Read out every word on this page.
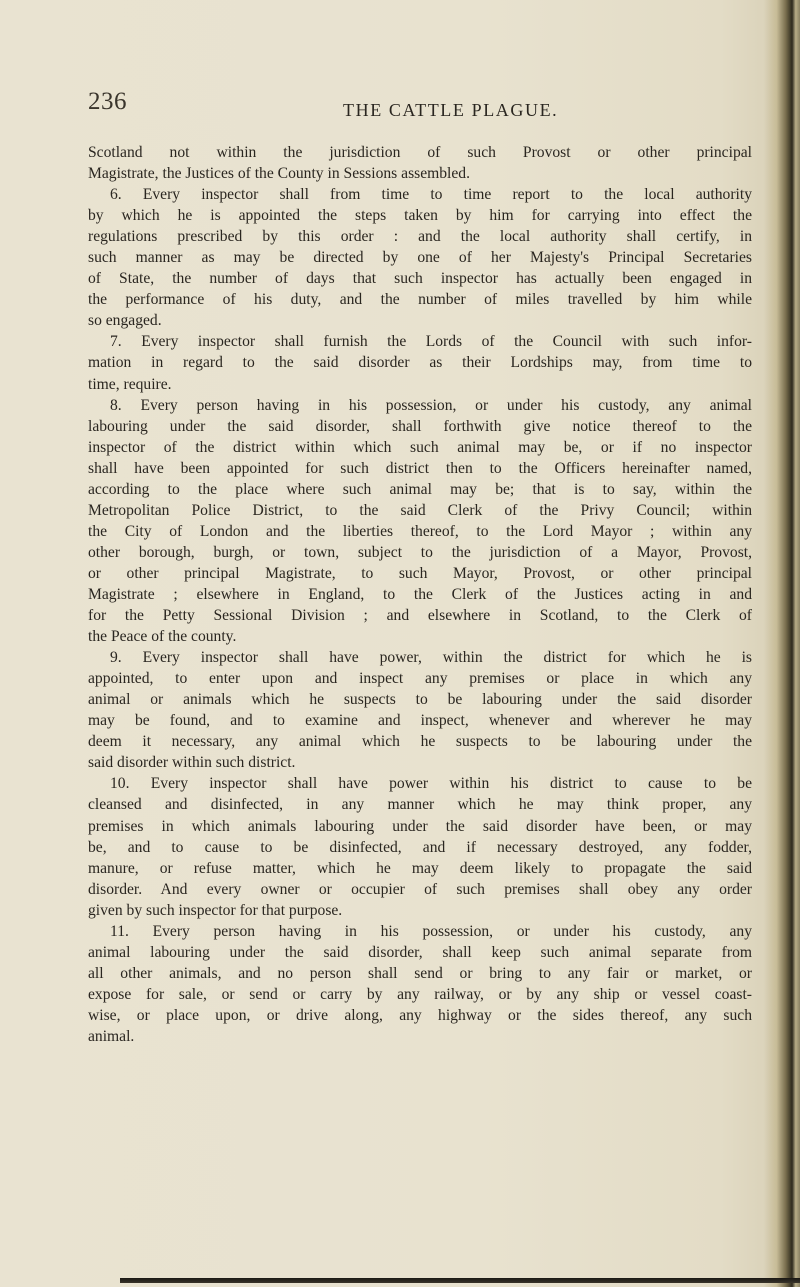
236	THE CATTLE PLAGUE.
Scotland not within the jurisdiction of such Provost or other principal
Magistrate, the Justices of the County in Sessions assembled.
6. Every inspector shall from time to time report to the local authority
by which he is appointed the steps taken by him for carrying into effect the
regulations prescribed by this order : and the local authority shall certify, in
such manner as may be directed by one of her Majesty's Principal Secretaries
of State, the number of days that such inspector has actually been engaged in
the performance of his duty, and the number of miles travelled by him while
so engaged.
7. Every inspector shall furnish the Lords of the Council with such infor-
mation in regard to the said disorder as their Lordships may, from time to
time, require.
8. Every person having in his possession, or under his custody, any animal
labouring under the said disorder, shall forthwith give notice thereof to the
inspector of the district within which such animal may be, or if no inspector
shall have been appointed for such district then to the Officers hereinafter named,
according to the place where such animal may be; that is to say, within the
Metropolitan Police District, to the said Clerk of the Privy Council; within
the City of London and the liberties thereof, to the Lord Mayor ; within any
other borough, burgh, or town, subject to the jurisdiction of a Mayor, Provost,
or other principal Magistrate, to such Mayor, Provost, or other principal
Magistrate ; elsewhere in England, to the Clerk of the Justices acting in and
for the Petty Sessional Division ; and elsewhere in Scotland, to the Clerk of
the Peace of the county.
9. Every inspector shall have power, within the district for which he is
appointed, to enter upon and inspect any premises or place in which any
animal or animals which he suspects to be labouring under the said disorder
may be found, and to examine and inspect, whenever and wherever he may
deem it necessary, any animal which he suspects to be labouring under the
said disorder within such district.
10. Every inspector shall have power within his district to cause to be
cleansed and disinfected, in any manner which he may think proper, any
premises in which animals labouring under the said disorder have been, or may
be, and to cause to be disinfected, and if necessary destroyed, any fodder,
manure, or refuse matter, which he may deem likely to propagate the said
disorder. And every owner or occupier of such premises shall obey any order
given by such inspector for that purpose.
11. Every person having in his possession, or under his custody, any
animal labouring under the said disorder, shall keep such animal separate from
all other animals, and no person shall send or bring to any fair or market, or
expose for sale, or send or carry by any railway, or by any ship or vessel coast-
wise, or place upon, or drive along, any highway or the sides thereof, any such
animal.
